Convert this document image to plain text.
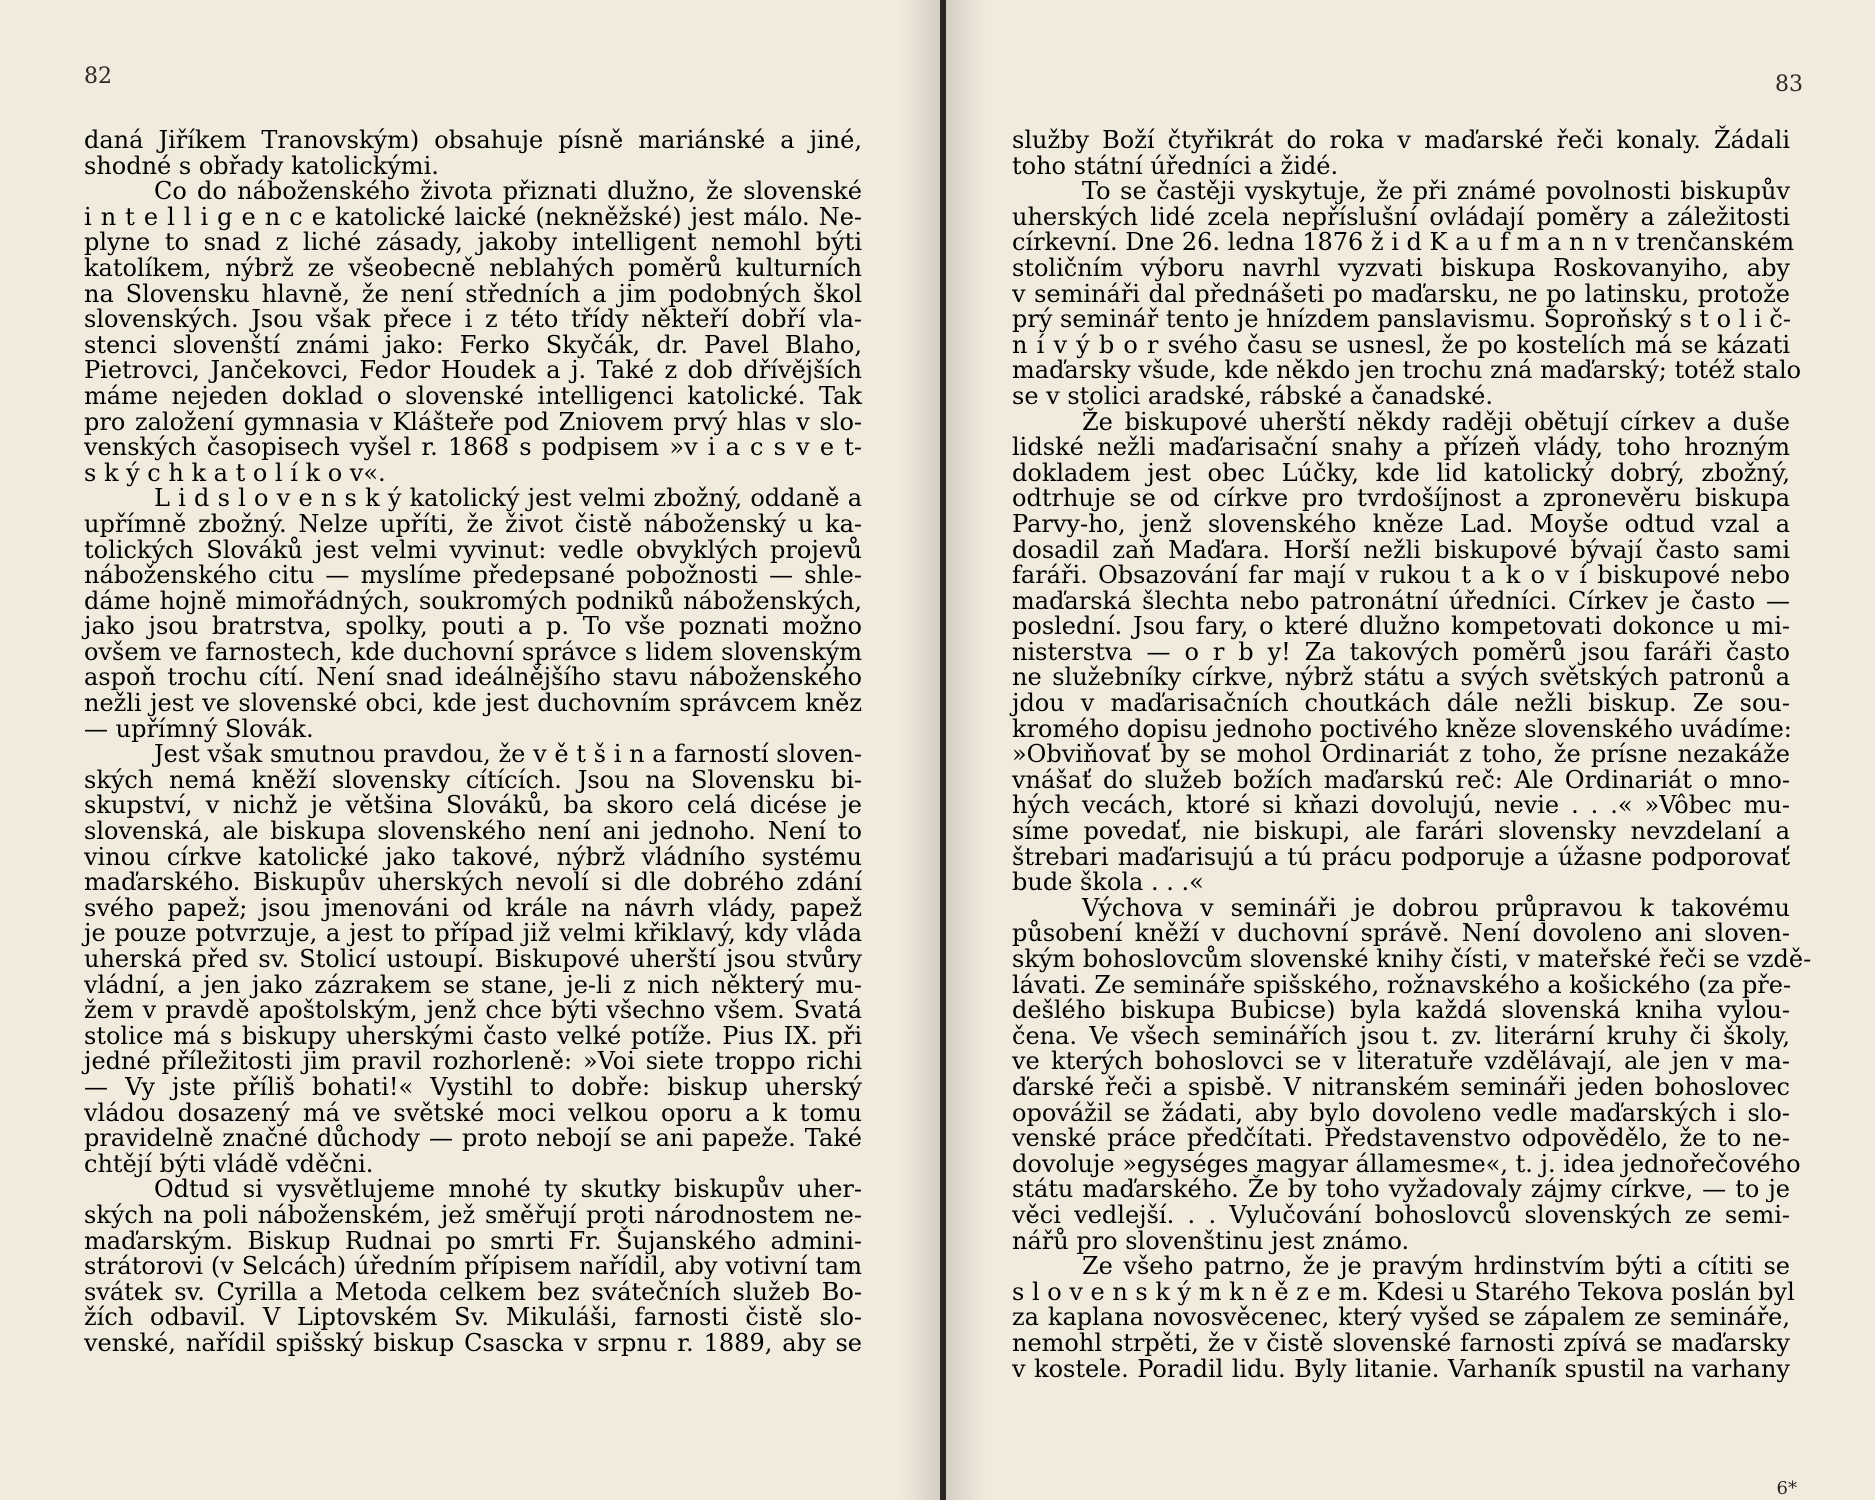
82	83
6*
daná Jiříkem Tranovským) obsahuje písně mariánské a jiné,
shodné s obřady katolickými.
Co do náboženského života přiznati dlužno, že slovenské
i n t e l l i g e n c e katolické laické (nekněžské) jest málo. Ne-
plyne to snad z liché zásady, jakoby intelligent nemohl býti
katolíkem, nýbrž ze všeobecně neblahých poměrů kulturních
na Slovensku hlavně, že není středních a jim podobných škol
slovenských. Jsou však přece i z této třídy někteří dobří vla-
stenci slovenští známi jako: Ferko Skyčák, dr. Pavel Blaho,
Pietrovci, Jančekovci, Fedor Houdek a j. Také z dob dřívějších
máme nejeden doklad o slovenské intelligenci katolické. Tak
pro založení gymnasia v Klášteře pod Zniovem prvý hlas v slo-
venských časopisech vyšel r. 1868 s podpisem »v i a c s v e t-
s k ý c h k a t o l í k o v«.
L i d s l o v e n s k ý katolický jest velmi zbožný, oddaně a
upřímně zbožný. Nelze upříti, že život čistě náboženský u ka-
tolických Slováků jest velmi vyvinut: vedle obvyklých projevů
náboženského citu — myslíme předepsané pobožnosti — shle-
dáme hojně mimořádných, soukromých podniků náboženských,
jako jsou bratrstva, spolky, pouti a p. To vše poznati možno
ovšem ve farnostech, kde duchovní správce s lidem slovenským
aspoň trochu cítí. Není snad ideálnějšího stavu náboženského
nežli jest ve slovenské obci, kde jest duchovním správcem kněz
— upřímný Slovák.
Jest však smutnou pravdou, že v ě t š i n a farností sloven-
ských nemá kněží slovensky cítících. Jsou na Slovensku bi-
skupství, v nichž je většina Slováků, ba skoro celá dicése je
slovenská, ale biskupa slovenského není ani jednoho. Není to
vinou církve katolické jako takové, nýbrž vládního systému
maďarského. Biskupův uherských nevolí si dle dobrého zdání
svého papež; jsou jmenováni od krále na návrh vlády, papež
je pouze potvrzuje, a jest to případ již velmi křiklavý, kdy vláda
uherská před sv. Stolicí ustoupí. Biskupové uherští jsou stvůry
vládní, a jen jako zázrakem se stane, je-li z nich některý mu-
žem v pravdě apoštolským, jenž chce býti všechno všem. Svatá
stolice má s biskupy uherskými často velké potíže. Pius IX. při
jedné příležitosti jim pravil rozhorleně: »Voi siete troppo richi
— Vy jste příliš bohati!« Vystihl to dobře: biskup uherský
vládou dosazený má ve světské moci velkou oporu a k tomu
pravidelně značné důchody — proto nebojí se ani papeže. Také
chtějí býti vládě vděčni.
Odtud si vysvětlujeme mnohé ty skutky biskupův uher-
ských na poli náboženském, jež směřují proti národnostem ne-
maďarským. Biskup Rudnai po smrti Fr. Šujanského admini-
strátorovi (v Selcách) úředním přípisem nařídil, aby votivní tam
svátek sv. Cyrilla a Metoda celkem bez svátečních služeb Bo-
žích odbavil. V Liptovském Sv. Mikuláši, farnosti čistě slo-
venské, nařídil spišský biskup Csascka v srpnu r. 1889, aby se
služby Boží čtyřikrát do roka v maďarské řeči konaly. Žádali
toho státní úředníci a židé.
To se častěji vyskytuje, že při známé povolnosti biskupův
uherských lidé zcela nepříslušní ovládají poměry a záležitosti
církevní. Dne 26. ledna 1876 ž i d K a u f m a n n v trenčanském
stoličním výboru navrhl vyzvati biskupa Roskovanyiho, aby
v semináři dal přednášeti po maďarsku, ne po latinsku, protože
prý seminář tento je hnízdem panslavismu. Šoproňský s t o l i č-
n í v ý b o r svého času se usnesl, že po kostelích má se kázati
maďarsky všude, kde někdo jen trochu zná maďarský; totéž stalo
se v stolici aradské, rábské a čanadské.
Že biskupové uherští někdy raději obětují církev a duše
lidské nežli maďarisační snahy a přízeň vlády, toho hrozným
dokladem jest obec Lúčky, kde lid katolický dobrý, zbožný,
odtrhuje se od církve pro tvrdošíjnost a zpronevěru biskupa
Parvy-ho, jenž slovenského kněze Lad. Moyše odtud vzal a
dosadil zaň Maďara. Horší nežli biskupové bývají často sami
faráři. Obsazování far mají v rukou t a k o v í biskupové nebo
maďarská šlechta nebo patronátní úředníci. Církev je často —
poslední. Jsou fary, o které dlužno kompetovati dokonce u mi-
nisterstva — o r b y! Za takových poměrů jsou faráři často
ne služebníky církve, nýbrž státu a svých světských patronů a
jdou v maďarisačních choutkách dále nežli biskup. Ze sou-
kromého dopisu jednoho poctivého kněze slovenského uvádíme:
»Obviňovať by se mohol Ordinariát z toho, že prísne nezakáže
vnášať do služeb božích maďarskú reč: Ale Ordinariát o mno-
hých vecách, ktoré si kňazi dovolujú, nevie . . .« »Vôbec mu-
síme povedať, nie biskupi, ale farári slovensky nevzdelaní a
štrebari maďarisujú a tú prácu podporuje a úžasne podporovať
bude škola . . .«
Výchova v semináři je dobrou průpravou k takovému
působení kněží v duchovní správě. Není dovoleno ani sloven-
ským bohoslovcům slovenské knihy čísti, v mateřské řeči se vzdě-
lávati. Ze semináře spišského, rožnavského a košického (za pře-
dešlého biskupa Bubicse) byla každá slovenská kniha vylou-
čena. Ve všech seminářích jsou t. zv. literární kruhy či školy,
ve kterých bohoslovci se v literatuře vzdělávají, ale jen v ma-
ďarské řeči a spisbě. V nitranském semináři jeden bohoslovec
opovážil se žádati, aby bylo dovoleno vedle maďarských i slo-
venské práce předčítati. Představenstvo odpovědělo, že to ne-
dovoluje »egységes magyar államesme«, t. j. idea jednořečového
státu maďarského. Že by toho vyžadovaly zájmy církve, — to je
věci vedlejší. . . Vylučování bohoslovců slovenských ze semi-
nářů pro slovenštinu jest známo.
Ze všeho patrno, že je pravým hrdinstvím býti a cítiti se
s l o v e n s k ý m k n ě z e m. Kdesi u Starého Tekova poslán byl
za kaplana novosvěcenec, který vyšed se zápalem ze semináře,
nemohl strpěti, že v čistě slovenské farnosti zpívá se maďarsky
v kostele. Poradil lidu. Byly litanie. Varhaník spustil na varhany
